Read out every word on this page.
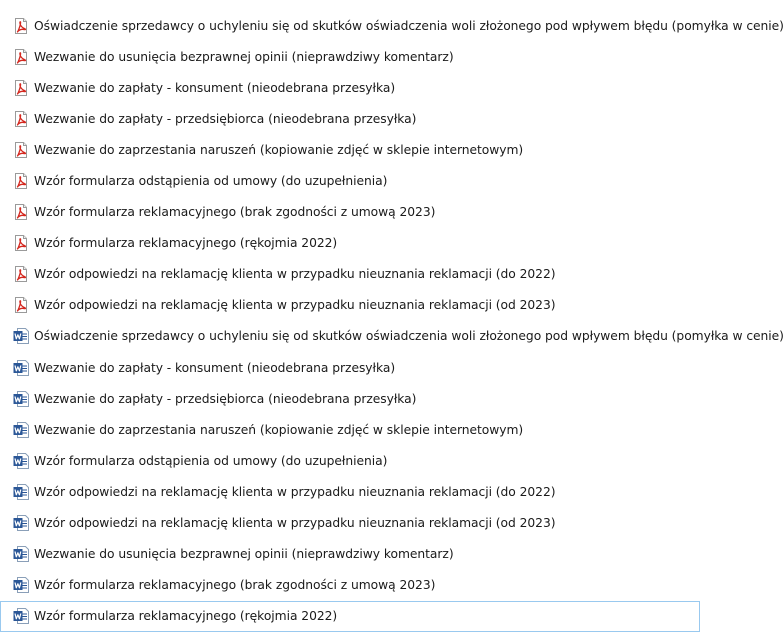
Oświadczenie sprzedawcy o uchyleniu się od skutków oświadczenia woli złożonego pod wpływem błędu (pomyłka w cenie)
Wezwanie do usunięcia bezprawnej opinii (nieprawdziwy komentarz)
Wezwanie do zapłaty - konsument (nieodebrana przesyłka)
Wezwanie do zapłaty - przedsiębiorca (nieodebrana przesyłka)
Wezwanie do zaprzestania naruszeń (kopiowanie zdjęć w sklepie internetowym)
Wzór formularza odstąpienia od umowy (do uzupełnienia)
Wzór formularza reklamacyjnego (brak zgodności z umową 2023)
Wzór formularza reklamacyjnego (rękojmia 2022)
Wzór odpowiedzi na reklamację klienta w przypadku nieuznania reklamacji (do 2022)
Wzór odpowiedzi na reklamację klienta w przypadku nieuznania reklamacji (od 2023)
Oświadczenie sprzedawcy o uchyleniu się od skutków oświadczenia woli złożonego pod wpływem błędu (pomyłka w cenie)
Wezwanie do zapłaty - konsument (nieodebrana przesyłka)
Wezwanie do zapłaty - przedsiębiorca (nieodebrana przesyłka)
Wezwanie do zaprzestania naruszeń (kopiowanie zdjęć w sklepie internetowym)
Wzór formularza odstąpienia od umowy (do uzupełnienia)
Wzór odpowiedzi na reklamację klienta w przypadku nieuznania reklamacji (do 2022)
Wzór odpowiedzi na reklamację klienta w przypadku nieuznania reklamacji (od 2023)
Wezwanie do usunięcia bezprawnej opinii (nieprawdziwy komentarz)
Wzór formularza reklamacyjnego (brak zgodności z umową 2023)
Wzór formularza reklamacyjnego (rękojmia 2022)
